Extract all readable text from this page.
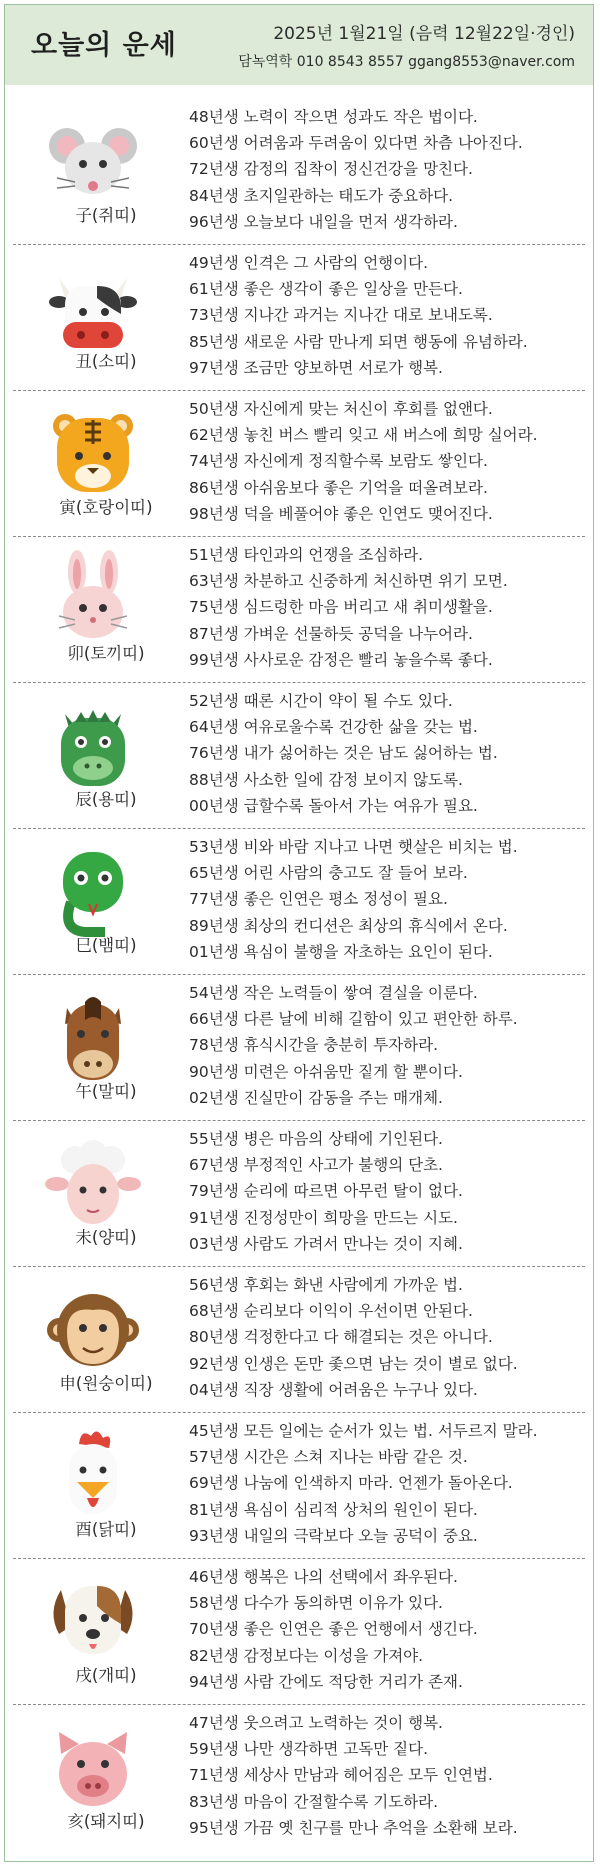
오늘의 운세	2025년 1월21일 (음력 12월22일·경인)
담녹역학 010 8543 8557 ggang8553@naver.com
子(쥐띠)
48년생 노력이 작으면 성과도 작은 법이다.
60년생 어려움과 두려움이 있다면 차츰 나아진다.
72년생 감정의 집착이 정신건강을 망친다.
84년생 초지일관하는 태도가 중요하다.
96년생 오늘보다 내일을 먼저 생각하라.
丑(소띠)
49년생 인격은 그 사람의 언행이다.
61년생 좋은 생각이 좋은 일상을 만든다.
73년생 지나간 과거는 지나간 대로 보내도록.
85년생 새로운 사람 만나게 되면 행동에 유념하라.
97년생 조금만 양보하면 서로가 행복.
寅(호랑이띠)
50년생 자신에게 맞는 처신이 후회를 없앤다.
62년생 놓친 버스 빨리 잊고 새 버스에 희망 실어라.
74년생 자신에게 정직할수록 보람도 쌓인다.
86년생 아쉬움보다 좋은 기억을 떠올려보라.
98년생 덕을 베풀어야 좋은 인연도 맺어진다.
卯(토끼띠)
51년생 타인과의 언쟁을 조심하라.
63년생 차분하고 신중하게 처신하면 위기 모면.
75년생 심드렁한 마음 버리고 새 취미생활을.
87년생 가벼운 선물하듯 공덕을 나누어라.
99년생 사사로운 감정은 빨리 놓을수록 좋다.
辰(용띠)
52년생 때론 시간이 약이 될 수도 있다.
64년생 여유로울수록 건강한 삶을 갖는 법.
76년생 내가 싫어하는 것은 남도 싫어하는 법.
88년생 사소한 일에 감정 보이지 않도록.
00년생 급할수록 돌아서 가는 여유가 필요.
巳(뱀띠)
53년생 비와 바람 지나고 나면 햇살은 비치는 법.
65년생 어린 사람의 충고도 잘 들어 보라.
77년생 좋은 인연은 평소 정성이 필요.
89년생 최상의 컨디션은 최상의 휴식에서 온다.
01년생 욕심이 불행을 자초하는 요인이 된다.
午(말띠)
54년생 작은 노력들이 쌓여 결실을 이룬다.
66년생 다른 날에 비해 길함이 있고 편안한 하루.
78년생 휴식시간을 충분히 투자하라.
90년생 미련은 아쉬움만 짙게 할 뿐이다.
02년생 진실만이 감동을 주는 매개체.
未(양띠)
55년생 병은 마음의 상태에 기인된다.
67년생 부정적인 사고가 불행의 단초.
79년생 순리에 따르면 아무런 탈이 없다.
91년생 진정성만이 희망을 만드는 시도.
03년생 사람도 가려서 만나는 것이 지혜.
申(원숭이띠)
56년생 후회는 화낸 사람에게 가까운 법.
68년생 순리보다 이익이 우선이면 안된다.
80년생 걱정한다고 다 해결되는 것은 아니다.
92년생 인생은 돈만 좇으면 남는 것이 별로 없다.
04년생 직장 생활에 어려움은 누구나 있다.
酉(닭띠)
45년생 모든 일에는 순서가 있는 법. 서두르지 말라.
57년생 시간은 스쳐 지나는 바람 같은 것.
69년생 나눔에 인색하지 마라. 언젠가 돌아온다.
81년생 욕심이 심리적 상처의 원인이 된다.
93년생 내일의 극락보다 오늘 공덕이 중요.
戌(개띠)
46년생 행복은 나의 선택에서 좌우된다.
58년생 다수가 동의하면 이유가 있다.
70년생 좋은 인연은 좋은 언행에서 생긴다.
82년생 감정보다는 이성을 가져야.
94년생 사람 간에도 적당한 거리가 존재.
亥(돼지띠)
47년생 웃으려고 노력하는 것이 행복.
59년생 나만 생각하면 고독만 짙다.
71년생 세상사 만남과 헤어짐은 모두 인연법.
83년생 마음이 간절할수록 기도하라.
95년생 가끔 옛 친구를 만나 추억을 소환해 보라.
